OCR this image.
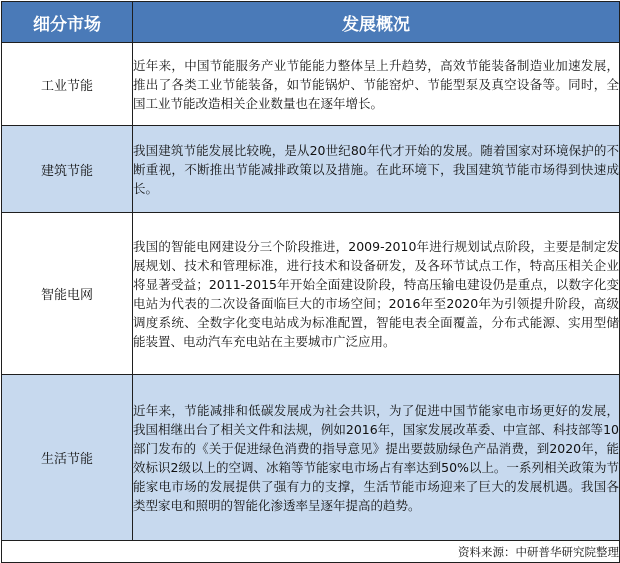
细分市场	发展概况
工业节能	近年来，中国节能服务产业节能能力整体呈上升趋势，高效节能装备制造业加速发展，推出了各类工业节能装备，如节能锅炉、节能窑炉、节能型泵及真空设备等。同时，全国工业节能改造相关企业数量也在逐年增长。
建筑节能	我国建筑节能发展比较晚，是从20世纪80年代才开始的发展。随着国家对环境保护的不断重视，不断推出节能减排政策以及措施。在此环境下，我国建筑节能市场得到快速成长。
智能电网	我国的智能电网建设分三个阶段推进，2009-2010年进行规划试点阶段，主要是制定发展规划、技术和管理标准，进行技术和设备研发，及各环节试点工作，特高压相关企业将显著受益；2011-2015年开始全面建设阶段，特高压输电建设仍是重点，以数字化变电站为代表的二次设备面临巨大的市场空间；2016年至2020年为引领提升阶段，高级调度系统、全数字化变电站成为标准配置，智能电表全面覆盖，分布式能源、实用型储能装置、电动汽车充电站在主要城市广泛应用。
生活节能	近年来，节能减排和低碳发展成为社会共识，为了促进中国节能家电市场更好的发展，我国相继出台了相关文件和法规，例如2016年，国家发展改革委、中宣部、科技部等10部门发布的《关于促进绿色消费的指导意见》提出要鼓励绿色产品消费，到2020年，能效标识2级以上的空调、冰箱等节能家电市场占有率达到50%以上。一系列相关政策为节能家电市场的发展提供了强有力的支撑，生活节能市场迎来了巨大的发展机遇。我国各类型家电和照明的智能化渗透率呈逐年提高的趋势。
资料来源：中研普华研究院整理	
